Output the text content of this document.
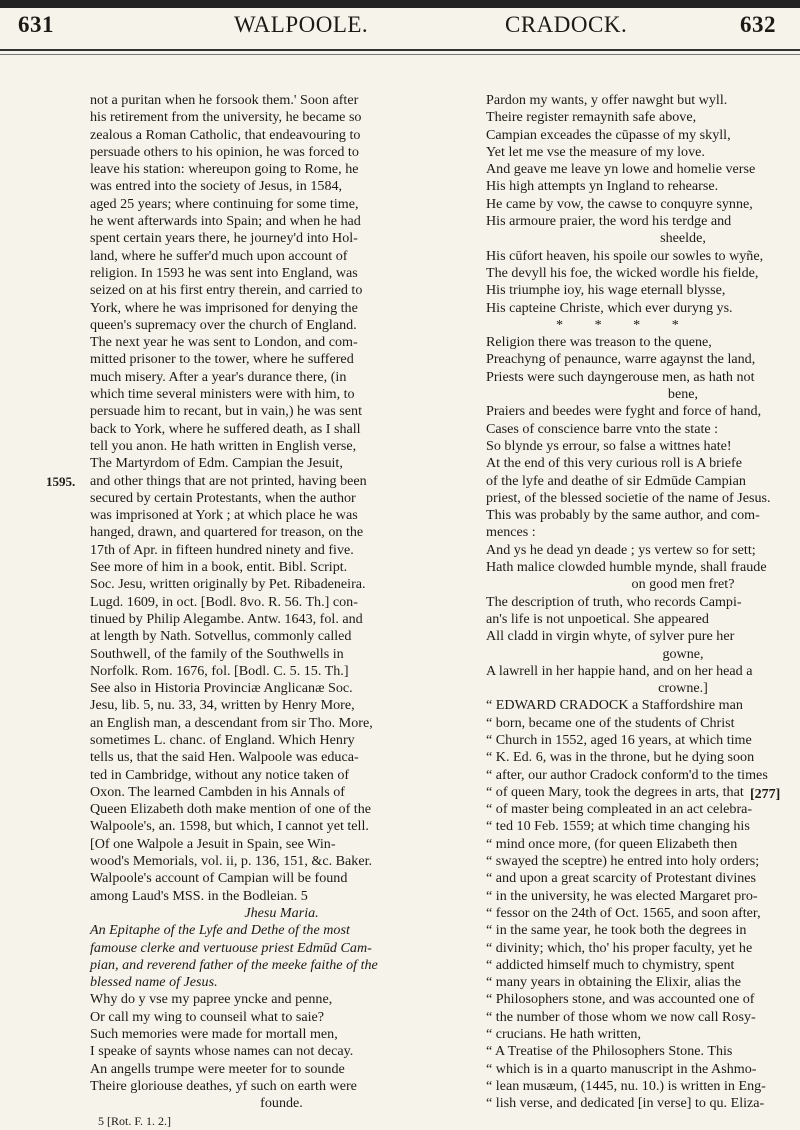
631	WALPOOLE.	CRADOCK.	632
1595.
[277]
not a puritan when he forsook them.' Soon after
his retirement from the university, he became so
zealous a Roman Catholic, that endeavouring to
persuade others to his opinion, he was forced to
leave his station: whereupon going to Rome, he
was entred into the society of Jesus, in 1584,
aged 25 years; where continuing for some time,
he went afterwards into Spain; and when he had
spent certain years there, he journey'd into Hol-
land, where he suffer'd much upon account of
religion. In 1593 he was sent into England, was
seized on at his first entry therein, and carried to
York, where he was imprisoned for denying the
queen's supremacy over the church of England.
The next year he was sent to London, and com-
mitted prisoner to the tower, where he suffered
much misery. After a year's durance there, (in
which time several ministers were with him, to
persuade him to recant, but in vain,) he was sent
back to York, where he suffered death, as I shall
tell you anon. He hath written in English verse,
The Martyrdom of Edm. Campian the Jesuit,
and other things that are not printed, having been
secured by certain Protestants, when the author
was imprisoned at York ; at which place he was
hanged, drawn, and quartered for treason, on the
17th of Apr. in fifteen hundred ninety and five.
See more of him in a book, entit. Bibl. Script.
Soc. Jesu, written originally by Pet. Ribadeneira.
Lugd. 1609, in oct. [Bodl. 8vo. R. 56. Th.] con-
tinued by Philip Alegambe. Antw. 1643, fol. and
at length by Nath. Sotvellus, commonly called
Southwell, of the family of the Southwells in
Norfolk. Rom. 1676, fol. [Bodl. C. 5. 15. Th.]
See also in Historia Provinciæ Anglicanæ Soc.
Jesu, lib. 5, nu. 33, 34, written by Henry More,
an English man, a descendant from sir Tho. More,
sometimes L. chanc. of England. Which Henry
tells us, that the said Hen. Walpoole was educa-
ted in Cambridge, without any notice taken of
Oxon. The learned Cambden in his Annals of
Queen Elizabeth doth make mention of one of the
Walpoole's, an. 1598, but which, I cannot yet tell.
[Of one Walpole a Jesuit in Spain, see Win-
wood's Memorials, vol. ii, p. 136, 151, &c. Baker.
Walpoole's account of Campian will be found
among Laud's MSS. in the Bodleian. 5
Jhesu Maria.
An Epitaphe of the Lyfe and Dethe of the most
famouse clerke and vertuouse priest Edmūd Cam-
pian, and reverend father of the meeke faithe of the
blessed name of Jesus.
Why do y vse my papree yncke and penne,
Or call my wing to counseil what to saie?
Such memories were made for mortall men,
I speake of saynts whose names can not decay.
An angells trumpe were meeter for to sounde
Theire gloriouse deathes, yf such on earth were
founde.
5 [Rot. F. 1. 2.]
Pardon my wants, y offer nawght but wyll.
Theire register remaynith safe above,
Campian exceades the cūpasse of my skyll,
Yet let me vse the measure of my love.
And geave me leave yn lowe and homelie verse
His high attempts yn Ingland to rehearse.
He came by vow, the cawse to conquyre synne,
His armoure praier, the word his terdge and
sheelde,
His cūfort heaven, his spoile our sowles to wyñe,
The devyll his foe, the wicked wordle his fielde,
His triumphe ioy, his wage eternall blysse,
His capteine Christe, which ever duryng ys.
* * * *
Religion there was treason to the quene,
Preachyng of penaunce, warre agaynst the land,
Priests were such dayngerouse men, as hath not
bene,
Praiers and beedes were fyght and force of hand,
Cases of conscience barre vnto the state :
So blynde ys errour, so false a wittnes hate!
At the end of this very curious roll is A briefe
of the lyfe and deathe of sir Edmūde Campian
priest, of the blessed societie of the name of Jesus.
This was probably by the same author, and com-
mences :
And ys he dead yn deade ; ys vertew so for sett;
Hath malice clowded humble mynde, shall fraude
on good men fret?
The description of truth, who records Campi-
an's life is not unpoetical. She appeared
All cladd in virgin whyte, of sylver pure her
gowne,
A lawrell in her happie hand, and on her head a
crowne.]
“ EDWARD CRADOCK a Staffordshire man
“ born, became one of the students of Christ
“ Church in 1552, aged 16 years, at which time
“ K. Ed. 6, was in the throne, but he dying soon
“ after, our author Cradock conform'd to the times
“ of queen Mary, took the degrees in arts, that
“ of master being compleated in an act celebra-
“ ted 10 Feb. 1559; at which time changing his
“ mind once more, (for queen Elizabeth then
“ swayed the sceptre) he entred into holy orders;
“ and upon a great scarcity of Protestant divines
“ in the university, he was elected Margaret pro-
“ fessor on the 24th of Oct. 1565, and soon after,
“ in the same year, he took both the degrees in
“ divinity; which, tho' his proper faculty, yet he
“ addicted himself much to chymistry, spent
“ many years in obtaining the Elixir, alias the
“ Philosophers stone, and was accounted one of
“ the number of those whom we now call Rosy-
“ crucians. He hath written,
“ A Treatise of the Philosophers Stone. This
“ which is in a quarto manuscript in the Ashmo-
“ lean musæum, (1445, nu. 10.) is written in Eng-
“ lish verse, and dedicated [in verse] to qu. Eliza-
